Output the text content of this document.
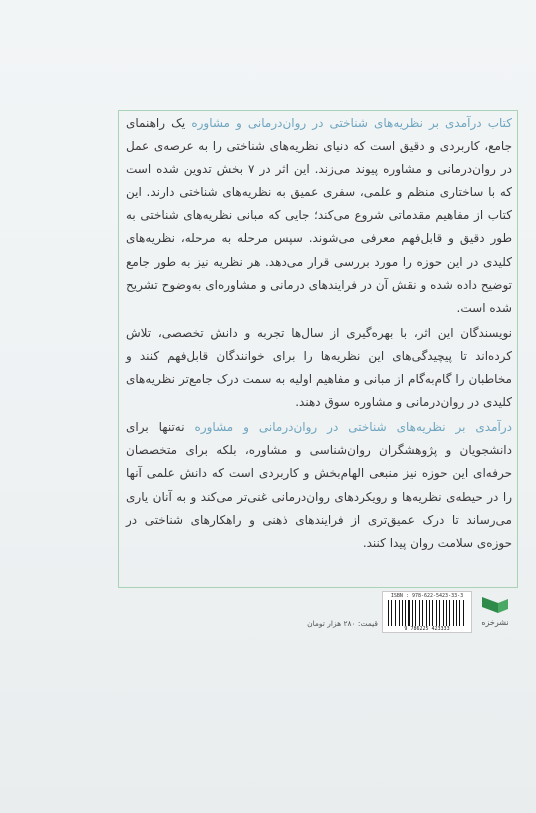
کتاب درآمدی بر نظریه‌های شناختی در روان‌درمانی و مشاوره یک راهنمای جامع، کاربردی و دقیق است که دنیای نظریه‌های شناختی را به عرصه‌ی عمل در روان‌درمانی و مشاوره پیوند می‌زند. این اثر در ۷ بخش تدوین شده است که با ساختاری منظم و علمی، سفری عمیق به نظریه‌های شناختی دارند. این کتاب از مفاهیم مقدماتی شروع می‌کند؛ جایی که مبانی نظریه‌های شناختی به طور دقیق و قابل‌فهم معرفی می‌شوند. سپس مرحله به مرحله، نظریه‌های کلیدی در این حوزه را مورد بررسی قرار می‌دهد. هر نظریه نیز به طور جامع توضیح داده شده و نقش آن در فرایندهای درمانی و مشاوره‌ای به‌وضوح تشریح شده است.

نویسندگان این اثر، با بهره‌گیری از سال‌ها تجربه و دانش تخصصی، تلاش کرده‌اند تا پیچیدگی‌های این نظریه‌ها را برای خوانندگان قابل‌فهم کنند و مخاطبان را گام‌به‌گام از مبانی و مفاهیم اولیه به سمت درک جامع‌تر نظریه‌های کلیدی در روان‌درمانی و مشاوره سوق دهند.

درآمدی بر نظریه‌های شناختی در روان‌درمانی و مشاوره نه‌تنها برای دانشجویان و پژوهشگران روان‌شناسی و مشاوره، بلکه برای متخصصان حرفه‌ای این حوزه نیز منبعی الهام‌بخش و کاربردی است که دانش علمی آنها را در حیطه‌ی نظریه‌ها و رویکردهای روان‌درمانی غنی‌تر می‌کند و به آنان یاری می‌رساند تا درک عمیق‌تری از فرایندهای ذهنی و راهکارهای شناختی در حوزه‌ی سلامت روان پیدا کنند.

ISBN : 978-622-5423-33-3
9 786225 423333
قیمت: ۲۸۰ هزار تومان	نشرخزه
